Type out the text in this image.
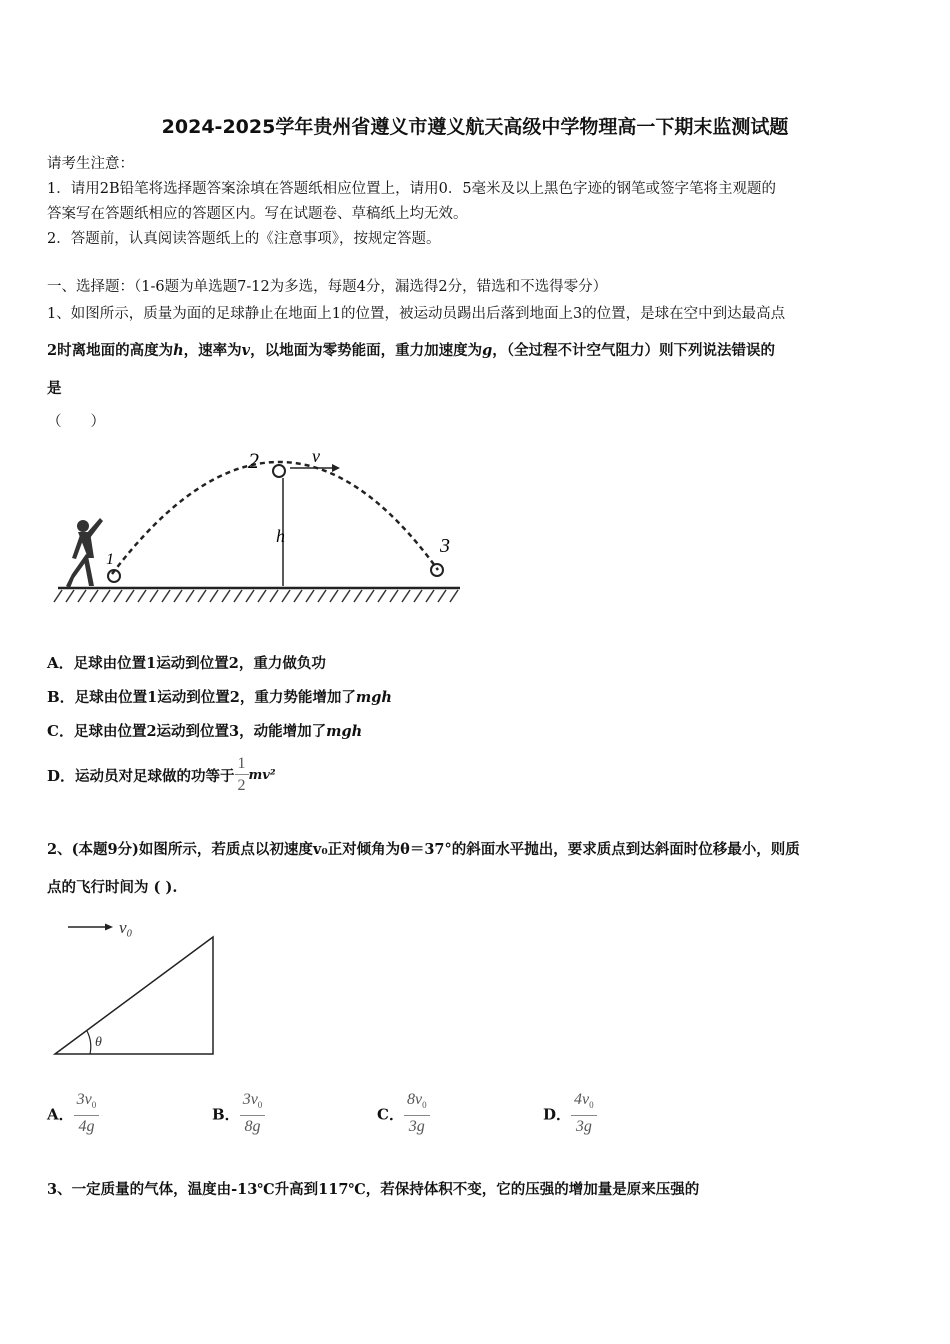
2024-2025学年贵州省遵义市遵义航天高级中学物理高一下期末监测试题
请考生注意：
1．请用2B铅笔将选择题答案涂填在答题纸相应位置上，请用0．5毫米及以上黑色字迹的钢笔或签字笔将主观题的
答案写在答题纸相应的答题区内。写在试题卷、草稿纸上均无效。
2．答题前，认真阅读答题纸上的《注意事项》，按规定答题。
一、选择题：（1-6题为单选题7-12为多选，每题4分，漏选得2分，错选和不选得零分）
1、如图所示，质量为面的足球静止在地面上1的位置，被运动员踢出后落到地面上3的位置，是球在空中到达最高点
2时离地面的高度为h，速率为v，以地面为零势能面，重力加速度为g，（全过程不计空气阻力）则下列说法错误的
是
（　　）
1
2
3
h
v
A．足球由位置1运动到位置2，重力做负功
B．足球由位置1运动到位置2，重力势能增加了mgh
C．足球由位置2运动到位置3，动能增加了mgh
D．运动员对足球做的功等于 $\frac{1}{2} mv^2$
2、(本题9分)如图所示，若质点以初速度v₀正对倾角为θ＝37°的斜面水平抛出，要求质点到达斜面时位移最小，则质
点的飞行时间为 ( ).
v₀
θ
A． $\frac{3v_0}{4g}$	B． $\frac{3v_0}{8g}$	C． $\frac{8v_0}{3g}$	D． $\frac{4v_0}{3g}$
3、一定质量的气体，温度由-13℃升高到117℃，若保持体积不变，它的压强的增加量是原来压强的
